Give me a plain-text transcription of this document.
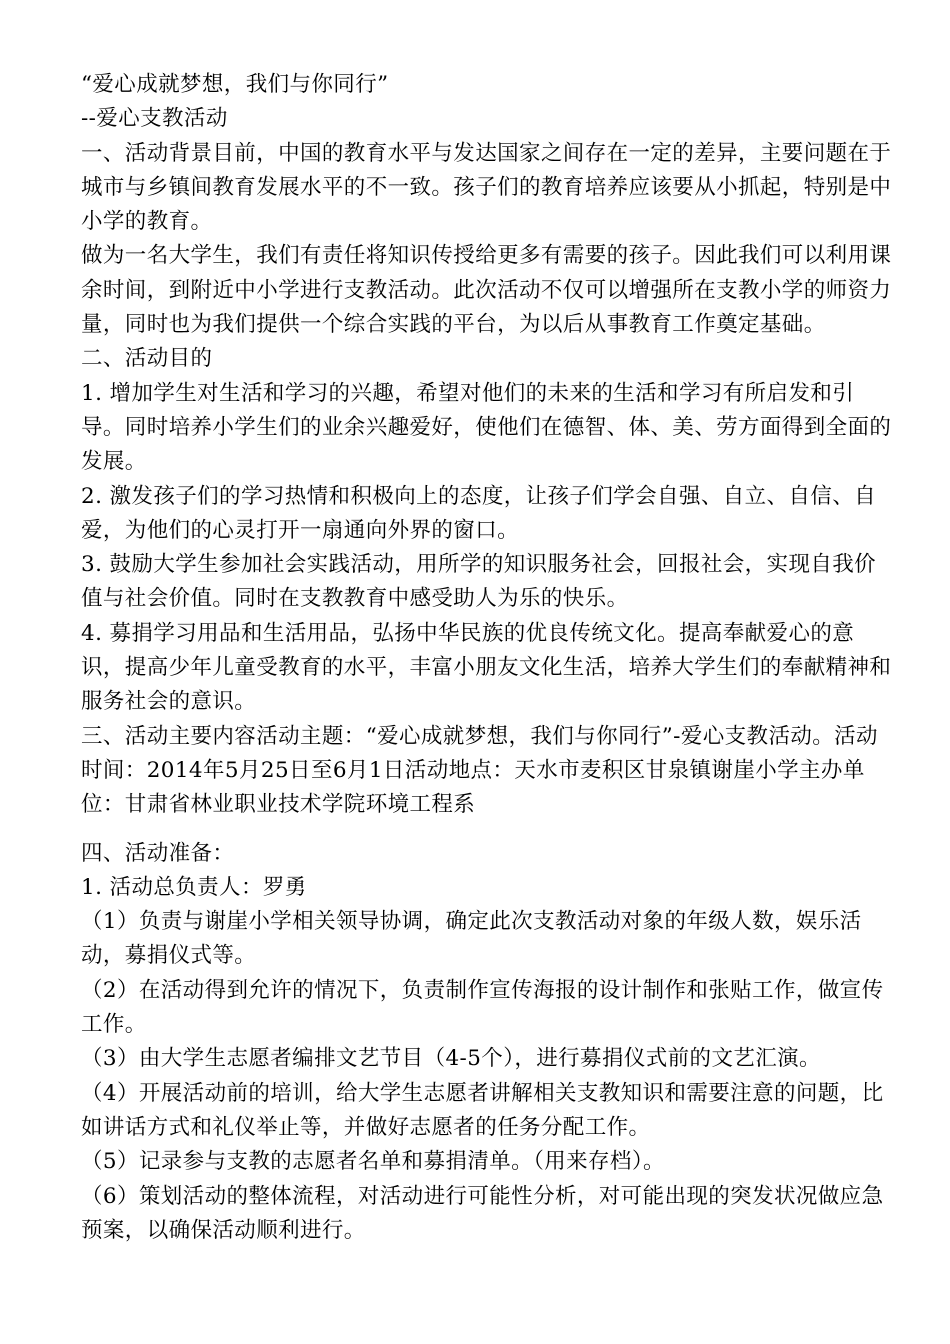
“爱心成就梦想，我们与你同行”

--爱心支教活动

一、活动背景目前，中国的教育水平与发达国家之间存在一定的差异，主要问题在于城市与乡镇间教育发展水平的不一致。孩子们的教育培养应该要从小抓起，特别是中小学的教育。

做为一名大学生，我们有责任将知识传授给更多有需要的孩子。因此我们可以利用课余时间，到附近中小学进行支教活动。此次活动不仅可以增强所在支教小学的师资力量，同时也为我们提供一个综合实践的平台，为以后从事教育工作奠定基础。

二、活动目的

1. 增加学生对生活和学习的兴趣，希望对他们的未来的生活和学习有所启发和引导。同时培养小学生们的业余兴趣爱好，使他们在德智、体、美、劳方面得到全面的发展。

2. 激发孩子们的学习热情和积极向上的态度，让孩子们学会自强、自立、自信、自爱，为他们的心灵打开一扇通向外界的窗口。

3. 鼓励大学生参加社会实践活动，用所学的知识服务社会，回报社会，实现自我价值与社会价值。同时在支教教育中感受助人为乐的快乐。

4. 募捐学习用品和生活用品，弘扬中华民族的优良传统文化。提高奉献爱心的意识，提高少年儿童受教育的水平，丰富小朋友文化生活，培养大学生们的奉献精神和服务社会的意识。

三、活动主要内容活动主题：“爱心成就梦想，我们与你同行”-爱心支教活动。活动时间：2014年5月25日至6月1日活动地点：天水市麦积区甘泉镇谢崖小学主办单位：甘肃省林业职业技术学院环境工程系

四、活动准备：

1. 活动总负责人：罗勇

（1）负责与谢崖小学相关领导协调，确定此次支教活动对象的年级人数，娱乐活动，募捐仪式等。

（2）在活动得到允许的情况下，负责制作宣传海报的设计制作和张贴工作，做宣传工作。

（3）由大学生志愿者编排文艺节目（4-5个），进行募捐仪式前的文艺汇演。

（4）开展活动前的培训，给大学生志愿者讲解相关支教知识和需要注意的问题，比如讲话方式和礼仪举止等，并做好志愿者的任务分配工作。

（5）记录参与支教的志愿者名单和募捐清单。（用来存档）。

（6）策划活动的整体流程，对活动进行可能性分析，对可能出现的突发状况做应急预案，以确保活动顺利进行。
